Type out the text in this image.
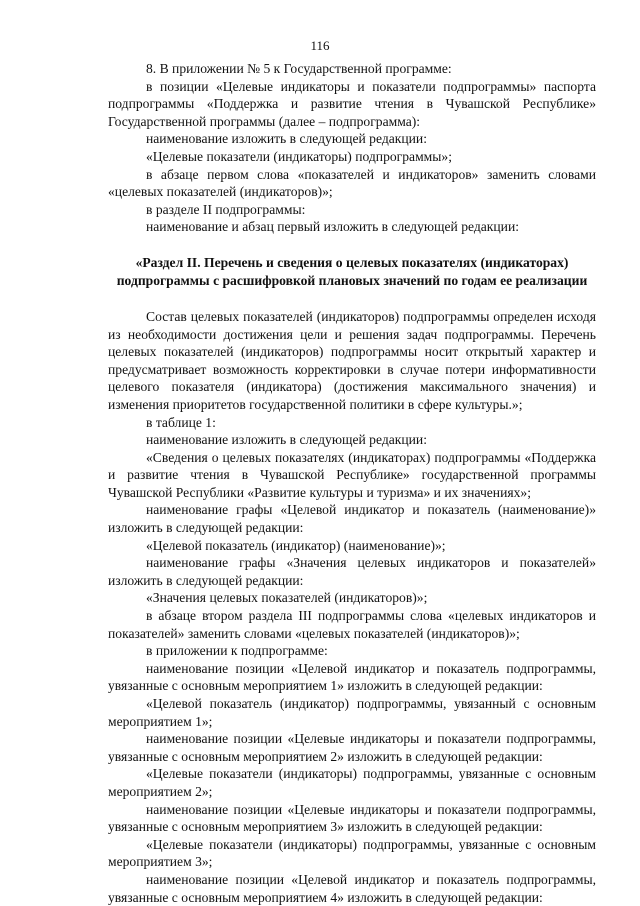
116

8. В приложении № 5 к Государственной программе:

в позиции «Целевые индикаторы и показатели подпрограммы» паспорта подпрограммы «Поддержка и развитие чтения в Чувашской Республике» Государственной программы (далее – подпрограмма):

наименование изложить в следующей редакции:

«Целевые показатели (индикаторы) подпрограммы»;

в абзаце первом слова «показателей и индикаторов» заменить словами «целевых показателей (индикаторов)»;

в разделе II подпрограммы:

наименование и абзац первый изложить в следующей редакции:

«Раздел II. Перечень и сведения о целевых показателях (индикаторах) подпрограммы с расшифровкой плановых значений по годам ее реализации

Состав целевых показателей (индикаторов) подпрограммы определен исходя из необходимости достижения цели и решения задач подпрограммы. Перечень целевых показателей (индикаторов) подпрограммы носит открытый характер и предусматривает возможность корректировки в случае потери информативности целевого показателя (индикатора) (достижения максимального значения) и изменения приоритетов государственной политики в сфере культуры.»;

в таблице 1:

наименование изложить в следующей редакции:

«Сведения о целевых показателях (индикаторах) подпрограммы «Поддержка и развитие чтения в Чувашской Республике» государственной программы Чувашской Республики «Развитие культуры и туризма» и их значениях»;

наименование графы «Целевой индикатор и показатель (наименование)» изложить в следующей редакции:

«Целевой показатель (индикатор) (наименование)»;

наименование графы «Значения целевых индикаторов и показателей» изложить в следующей редакции:

«Значения целевых показателей (индикаторов)»;

в абзаце втором раздела III подпрограммы слова «целевых индикаторов и показателей» заменить словами «целевых показателей (индикаторов)»;

в приложении к подпрограмме:

наименование позиции «Целевой индикатор и показатель подпрограммы, увязанные с основным мероприятием 1» изложить в следующей редакции:

«Целевой показатель (индикатор) подпрограммы, увязанный с основным мероприятием 1»;

наименование позиции «Целевые индикаторы и показатели подпрограммы, увязанные с основным мероприятием 2» изложить в следующей редакции:

«Целевые показатели (индикаторы) подпрограммы, увязанные с основным мероприятием 2»;

наименование позиции «Целевые индикаторы и показатели подпрограммы, увязанные с основным мероприятием 3» изложить в следующей редакции:

«Целевые показатели (индикаторы) подпрограммы, увязанные с основным мероприятием 3»;

наименование позиции «Целевой индикатор и показатель подпрограммы, увязанные с основным мероприятием 4» изложить в следующей редакции:
